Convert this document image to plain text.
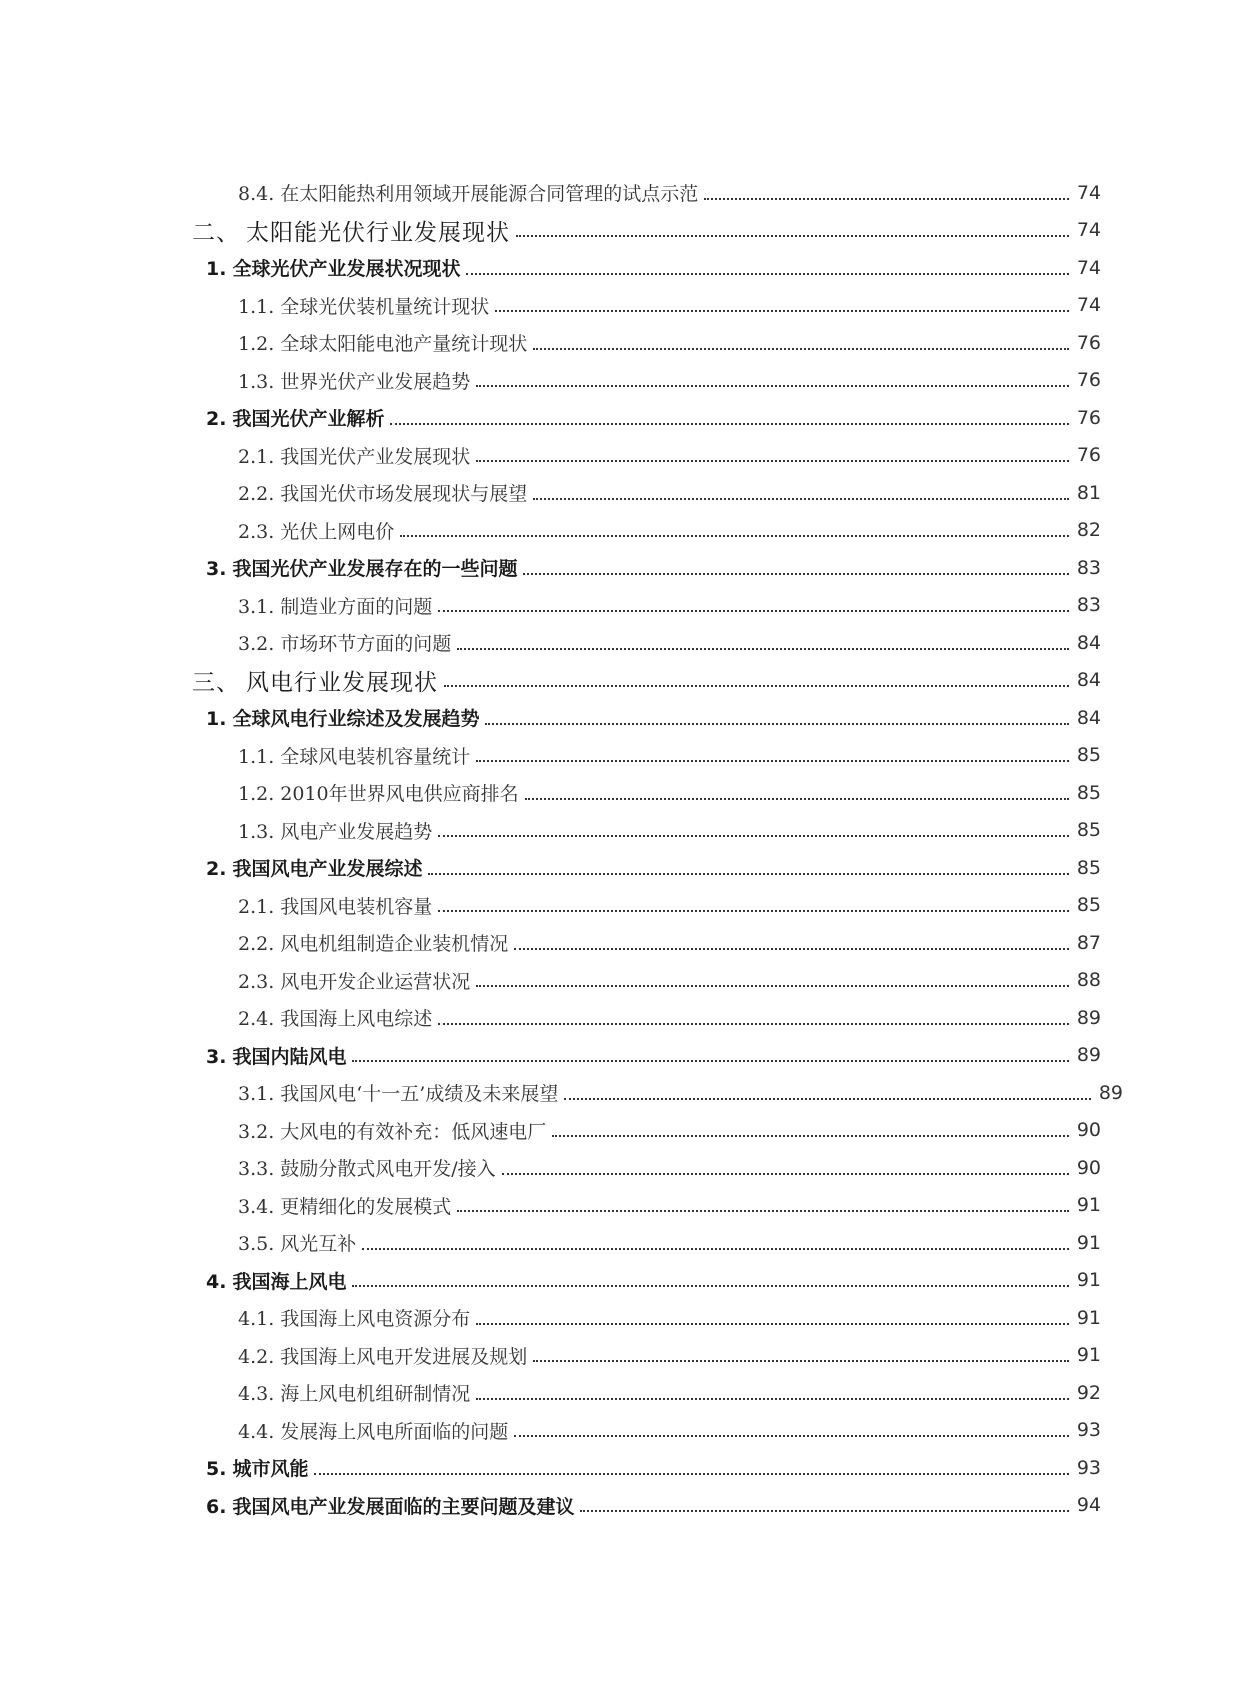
8.4. 在太阳能热利用领域开展能源合同管理的试点示范	74
二、 太阳能光伏行业发展现状	74
1. 全球光伏产业发展状况现状	74
1.1. 全球光伏装机量统计现状	74
1.2. 全球太阳能电池产量统计现状	76
1.3. 世界光伏产业发展趋势	76
2. 我国光伏产业解析	76
2.1. 我国光伏产业发展现状	76
2.2. 我国光伏市场发展现状与展望	81
2.3. 光伏上网电价	82
3. 我国光伏产业发展存在的一些问题	83
3.1. 制造业方面的问题	83
3.2. 市场环节方面的问题	84
三、 风电行业发展现状	84
1. 全球风电行业综述及发展趋势	84
1.1. 全球风电装机容量统计	85
1.2. 2010年世界风电供应商排名	85
1.3. 风电产业发展趋势	85
2. 我国风电产业发展综述	85
2.1. 我国风电装机容量	85
2.2. 风电机组制造企业装机情况	87
2.3. 风电开发企业运营状况	88
2.4. 我国海上风电综述	89
3. 我国内陆风电	89
3.1. 我国风电‘十一五’成绩及未来展望	89
3.2. 大风电的有效补充：低风速电厂	90
3.3. 鼓励分散式风电开发/接入	90
3.4. 更精细化的发展模式	91
3.5. 风光互补	91
4. 我国海上风电	91
4.1. 我国海上风电资源分布	91
4.2. 我国海上风电开发进展及规划	91
4.3. 海上风电机组研制情况	92
4.4. 发展海上风电所面临的问题	93
5. 城市风能	93
6. 我国风电产业发展面临的主要问题及建议	94
